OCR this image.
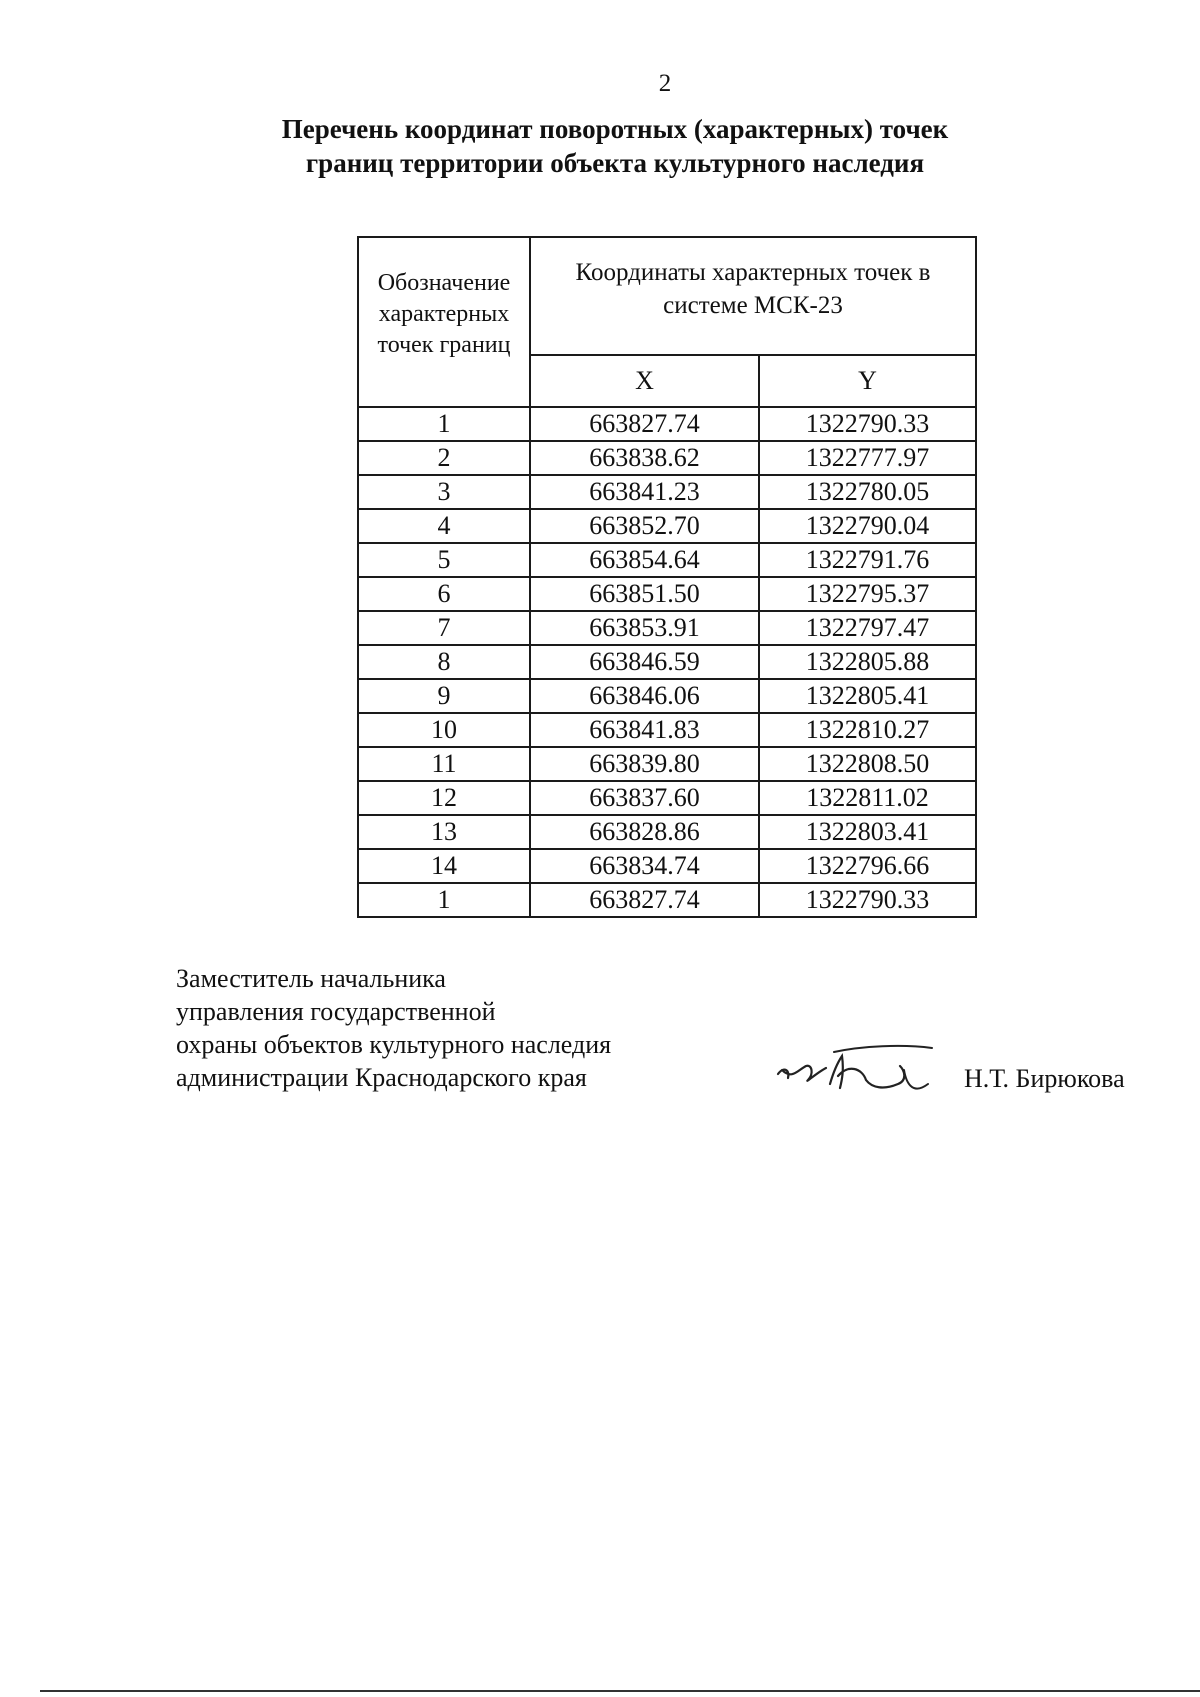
2
Перечень координат поворотных (характерных) точек
границ территории объекта культурного наследия
Обозначение характерных точек границ	Координаты характерных точек в системе МСК-23	
	X	Y
1	663827.74	1322790.33
2	663838.62	1322777.97
3	663841.23	1322780.05
4	663852.70	1322790.04
5	663854.64	1322791.76
6	663851.50	1322795.37
7	663853.91	1322797.47
8	663846.59	1322805.88
9	663846.06	1322805.41
10	663841.83	1322810.27
11	663839.80	1322808.50
12	663837.60	1322811.02
13	663828.86	1322803.41
14	663834.74	1322796.66
1	663827.74	1322790.33
Заместитель начальника
управления государственной
охраны объектов культурного наследия
администрации Краснодарского края	Н.Т. Бирюкова
